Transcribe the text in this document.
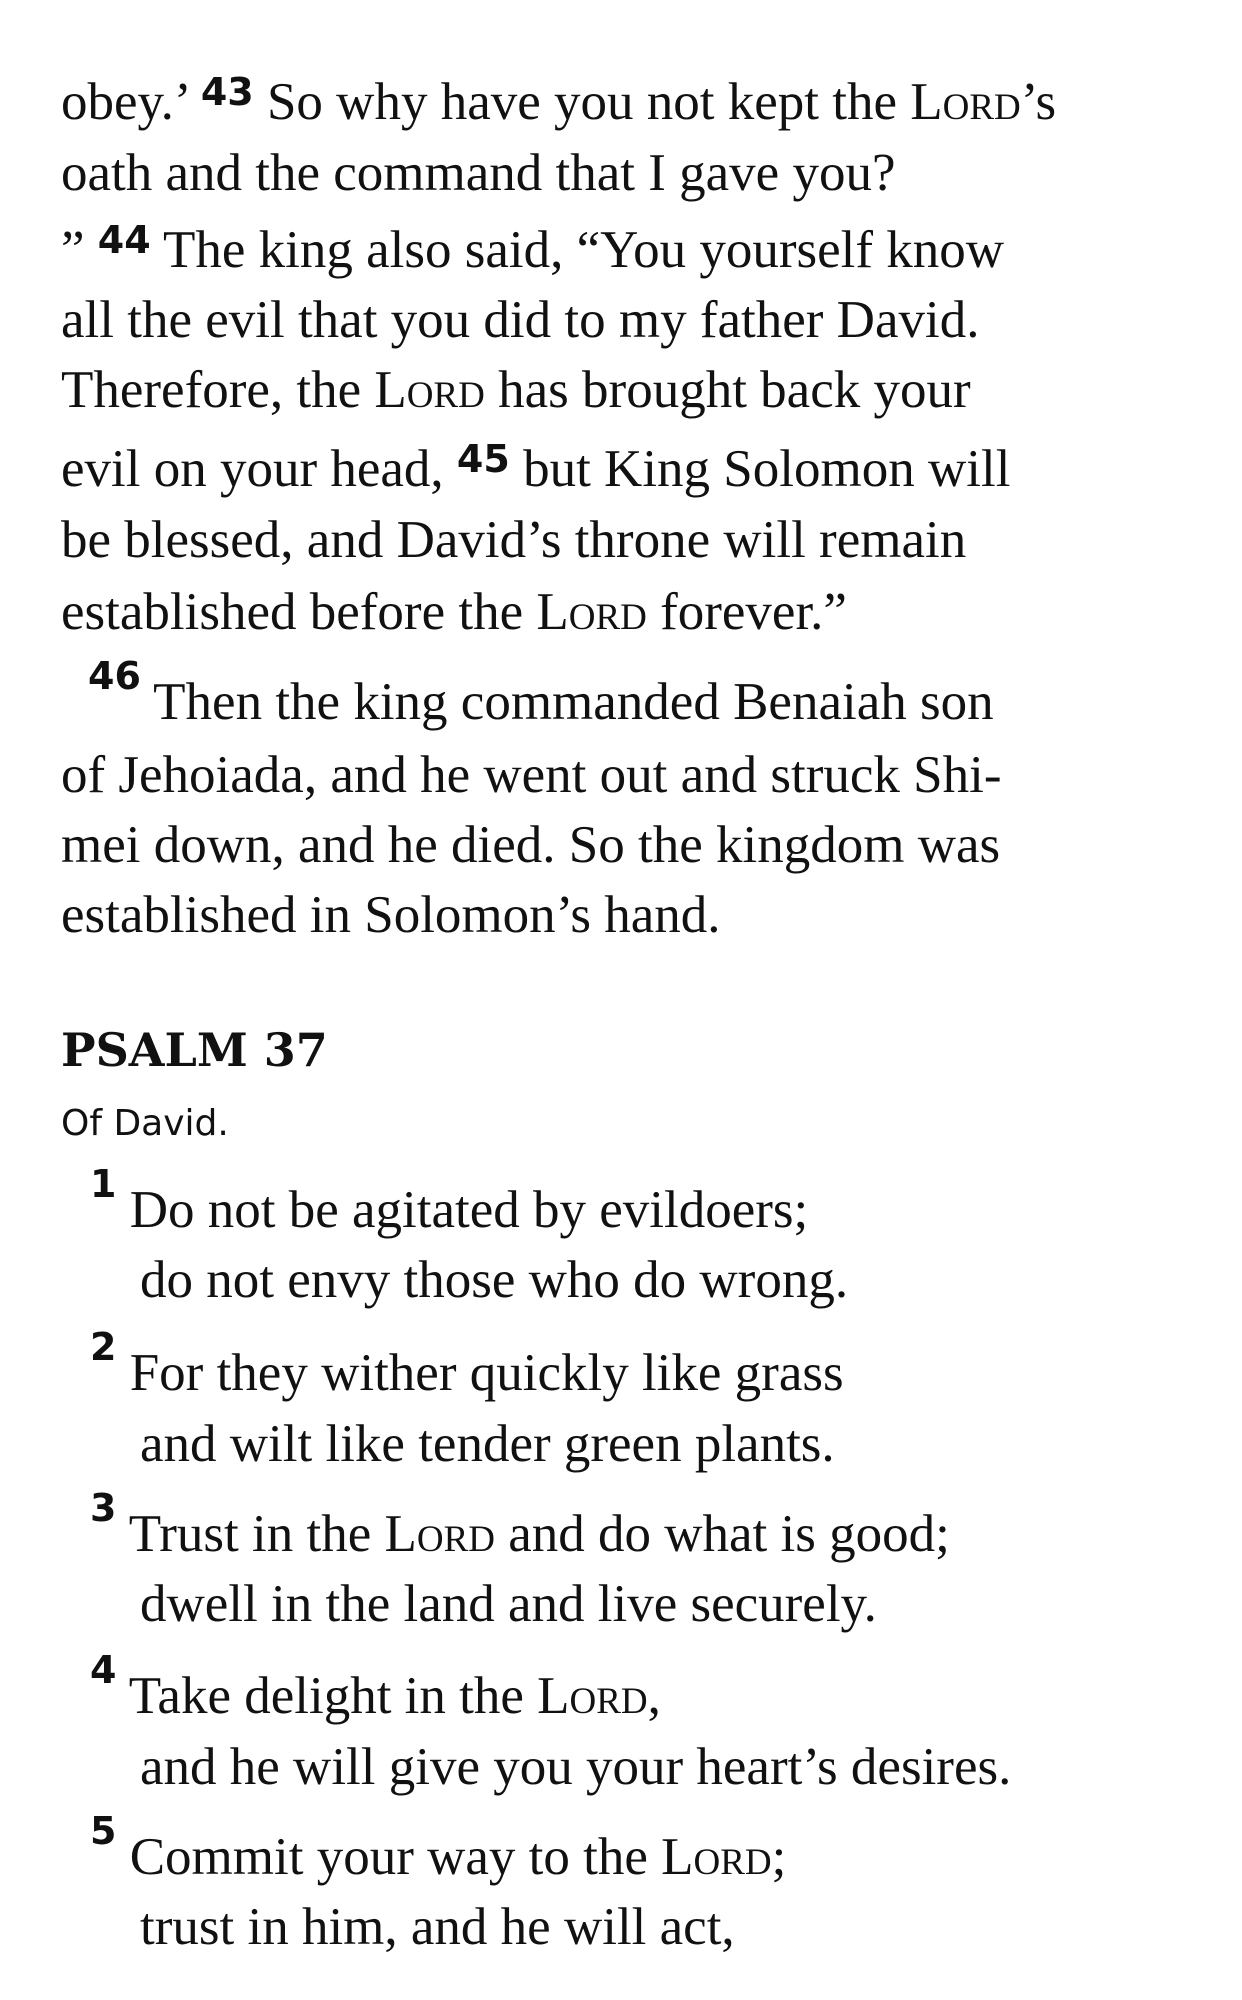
obey.’ $^{43}$ So why have you not kept the Lord’s
oath and the command that I gave you?
” $^{44}$ The king also said, “You yourself know
all the evil that you did to my father David.
Therefore, the Lord has brought back your
evil on your head, $^{45}$ but King Solomon will
be blessed, and David’s throne will remain
established before the Lord forever.”
$^{46}$ Then the king commanded Benaiah son
of Jehoiada, and he went out and struck Shi-
mei down, and he died. So the kingdom was
established in Solomon’s hand.
PSALM 37
Of David.
$^1$ Do not be agitated by evildoers;
do not envy those who do wrong.
$^2$ For they wither quickly like grass
and wilt like tender green plants.
$^3$ Trust in the Lord and do what is good;
dwell in the land and live securely.
$^4$ Take delight in the Lord,
and he will give you your heart’s desires.
$^5$ Commit your way to the Lord;
trust in him, and he will act,
